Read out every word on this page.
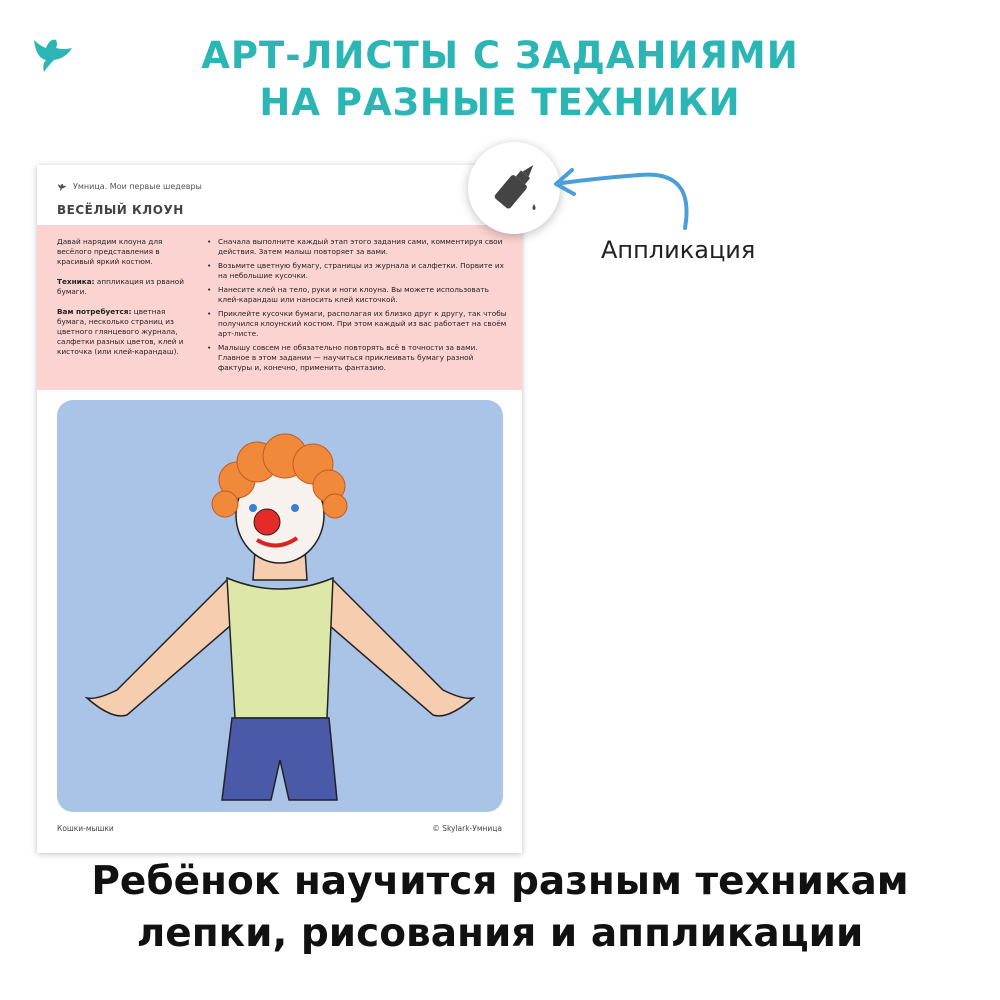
АРТ-ЛИСТЫ С ЗАДАНИЯМИ
НА РАЗНЫЕ ТЕХНИКИ
Умница. Мои первые шедевры
ВЕСЁЛЫЙ КЛОУН

Давай нарядим клоуна для весёлого представления в красивый яркий костюм.

Техника: аппликация из рваной бумаги.

Вам потребуется: цветная бумага, несколько страниц из цветного глянцевого журнала, салфетки разных цветов, клей и кисточка (или клей-карандаш).

• Сначала выполните каждый этап этого задания сами, комментируя свои действия. Затем малыш повторяет за вами.
• Возьмите цветную бумагу, страницы из журнала и салфетки. Порвите их на небольшие кусочки.
• Нанесите клей на тело, руки и ноги клоуна. Вы можете использовать клей-карандаш или наносить клей кисточкой.
• Приклейте кусочки бумаги, располагая их близко друг к другу, так чтобы получился клоунский костюм. При этом каждый из вас работает на своём арт-листе.
• Малышу совсем не обязательно повторять всё в точности за вами. Главное в этом задании — научиться приклеивать бумагу разной фактуры и, конечно, применить фантазию.
Кошки-мышки	© Skylark-Умница
Аппликация
Ребёнок научится разным техникам
лепки, рисования и аппликации
